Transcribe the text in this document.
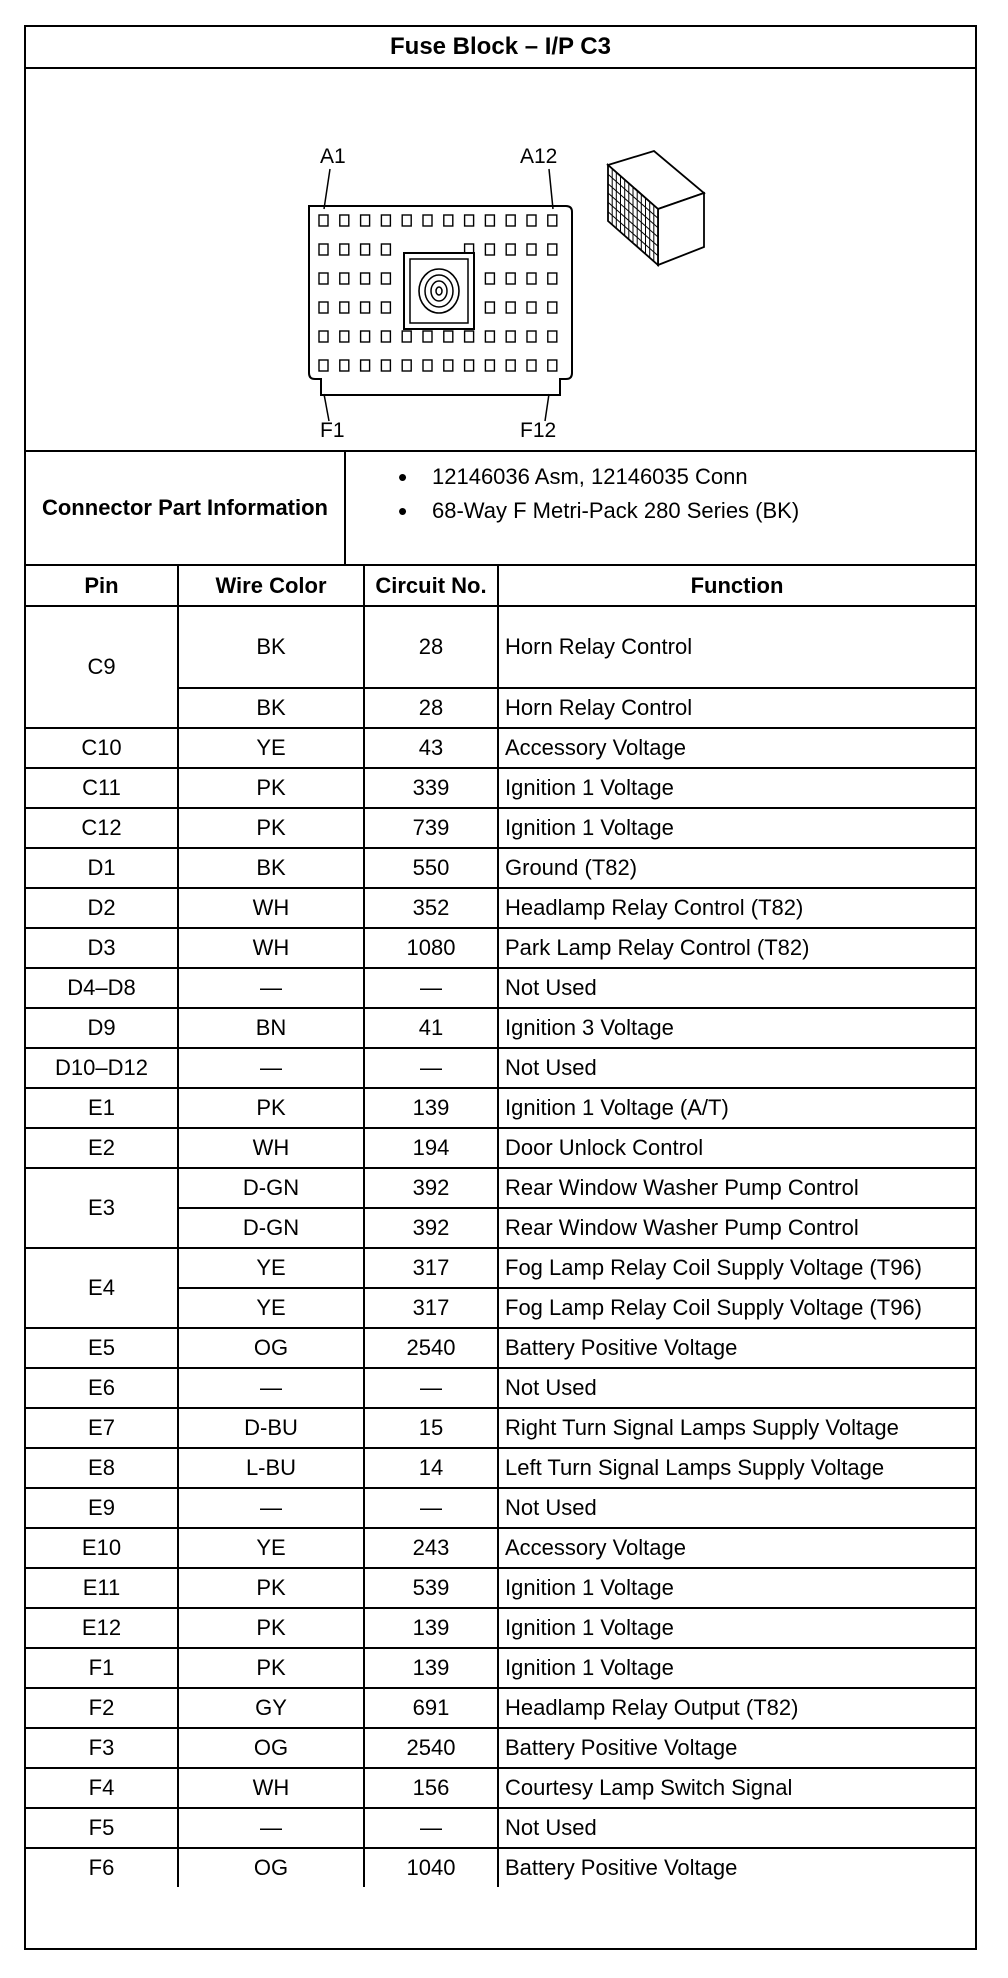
Fuse Block – I/P C3
A1	A12
F1	F12
Connector Part Information
• 12146036 Asm, 12146035 Conn
• 68-Way F Metri-Pack 280 Series (BK)
Pin	Wire Color	Circuit No.	Function
C9	BK	28	Horn Relay Control
	BK	28	Horn Relay Control
C10	YE	43	Accessory Voltage
C11	PK	339	Ignition 1 Voltage
C12	PK	739	Ignition 1 Voltage
D1	BK	550	Ground (T82)
D2	WH	352	Headlamp Relay Control (T82)
D3	WH	1080	Park Lamp Relay Control (T82)
D4–D8	—	—	Not Used
D9	BN	41	Ignition 3 Voltage
D10–D12	—	—	Not Used
E1	PK	139	Ignition 1 Voltage (A/T)
E2	WH	194	Door Unlock Control
E3	D-GN	392	Rear Window Washer Pump Control
	D-GN	392	Rear Window Washer Pump Control
E4	YE	317	Fog Lamp Relay Coil Supply Voltage (T96)
	YE	317	Fog Lamp Relay Coil Supply Voltage (T96)
E5	OG	2540	Battery Positive Voltage
E6	—	—	Not Used
E7	D-BU	15	Right Turn Signal Lamps Supply Voltage
E8	L-BU	14	Left Turn Signal Lamps Supply Voltage
E9	—	—	Not Used
E10	YE	243	Accessory Voltage
E11	PK	539	Ignition 1 Voltage
E12	PK	139	Ignition 1 Voltage
F1	PK	139	Ignition 1 Voltage
F2	GY	691	Headlamp Relay Output (T82)
F3	OG	2540	Battery Positive Voltage
F4	WH	156	Courtesy Lamp Switch Signal
F5	—	—	Not Used
F6	OG	1040	Battery Positive Voltage
